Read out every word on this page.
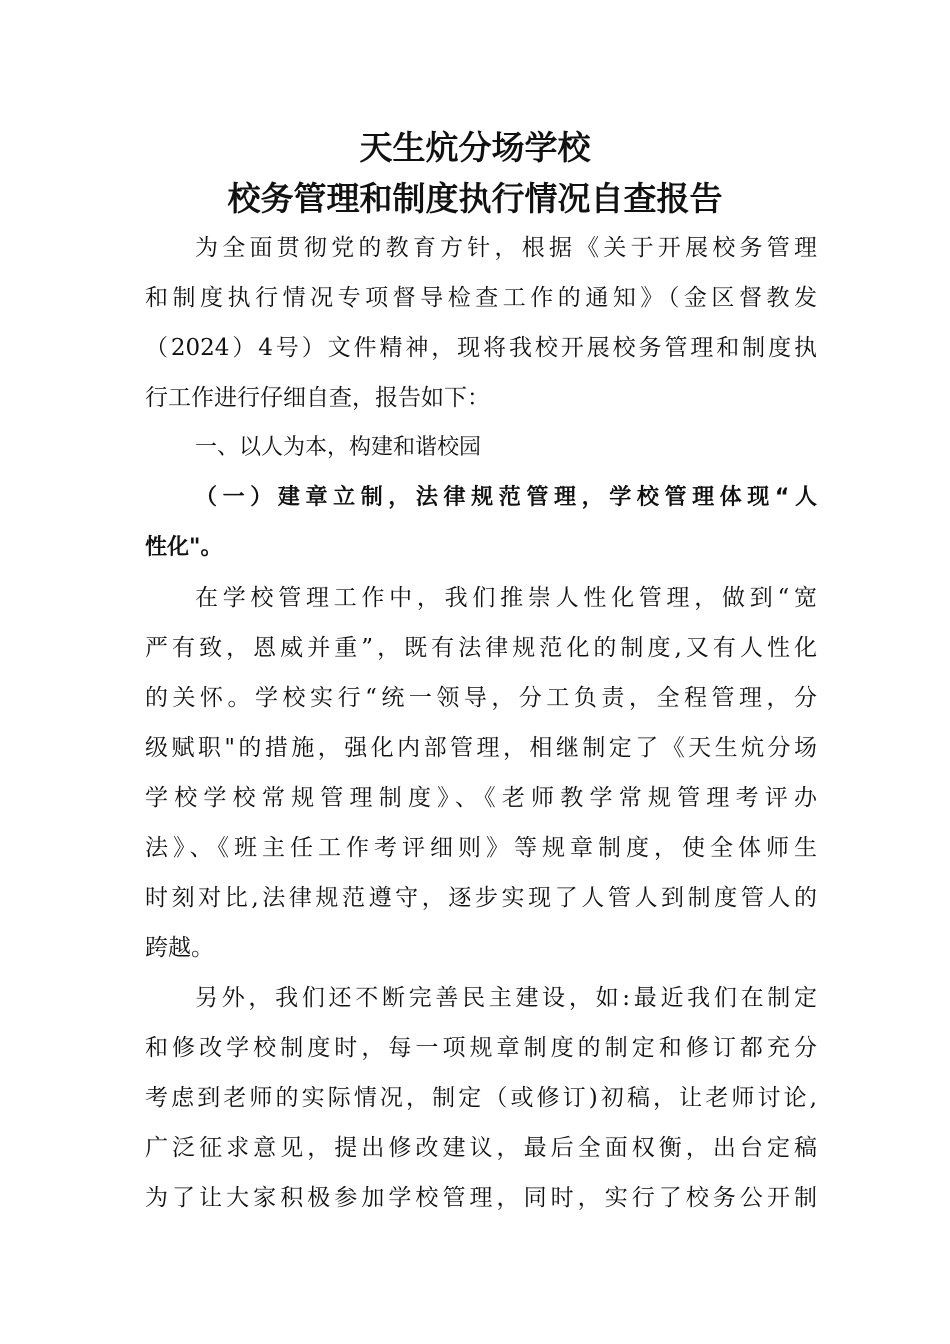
天生炕分场学校
校务管理和制度执行情况自查报告
为全面贯彻党的教育方针，根据《关于开展校务管理
和制度执行情况专项督导检查工作的通知》（金区督教发
（2024）4号）文件精神，现将我校开展校务管理和制度执
行工作进行仔细自查，报告如下：
一、以人为本，构建和谐校园
（一）建章立制，法律规范管理，学校管理体现“人
性化"。
在学校管理工作中，我们推崇人性化管理，做到“宽
严有致，恩威并重”，既有法律规范化的制度,又有人性化
的关怀。学校实行“统一领导，分工负责，全程管理，分
级赋职"的措施，强化内部管理，相继制定了《天生炕分场
学校学校常规管理制度》、《老师教学常规管理考评办
法》、《班主任工作考评细则》等规章制度，使全体师生
时刻对比,法律规范遵守，逐步实现了人管人到制度管人的
跨越。
另外，我们还不断完善民主建设，如:最近我们在制定
和修改学校制度时，每一项规章制度的制定和修订都充分
考虑到老师的实际情况，制定（或修订)初稿，让老师讨论,
广泛征求意见，提出修改建议，最后全面权衡，出台定稿
为了让大家积极参加学校管理，同时，实行了校务公开制
